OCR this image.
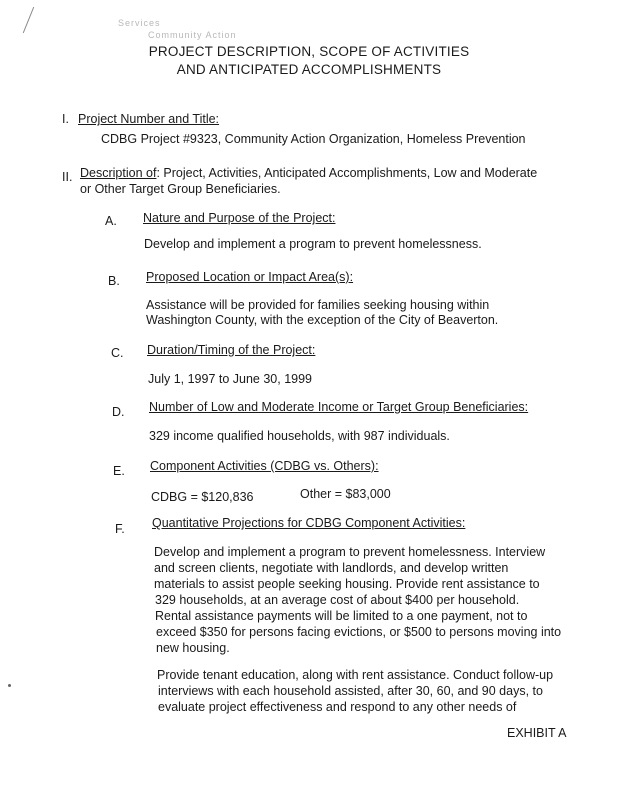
Services
Community Action
PROJECT DESCRIPTION, SCOPE OF ACTIVITIES
AND ANTICIPATED ACCOMPLISHMENTS
I. Project Number and Title:
CDBG Project #9323, Community Action Organization, Homeless Prevention
II. Description of: Project, Activities, Anticipated Accomplishments, Low and Moderate
or Other Target Group Beneficiaries.
A. Nature and Purpose of the Project:
Develop and implement a program to prevent homelessness.
B. Proposed Location or Impact Area(s):
Assistance will be provided for families seeking housing within
Washington County, with the exception of the City of Beaverton.
C. Duration/Timing of the Project:
July 1, 1997 to June 30, 1999
D. Number of Low and Moderate Income or Target Group Beneficiaries:
329 income qualified households, with 987 individuals.
E. Component Activities (CDBG vs. Others):
CDBG = $120,836	Other = $83,000
F. Quantitative Projections for CDBG Component Activities:
Develop and implement a program to prevent homelessness. Interview
and screen clients, negotiate with landlords, and develop written
materials to assist people seeking housing. Provide rent assistance to
329 households, at an average cost of about $400 per household.
Rental assistance payments will be limited to a one payment, not to
exceed $350 for persons facing evictions, or $500 to persons moving into
new housing.
Provide tenant education, along with rent assistance. Conduct follow-up
interviews with each household assisted, after 30, 60, and 90 days, to
evaluate project effectiveness and respond to any other needs of
EXHIBIT A
